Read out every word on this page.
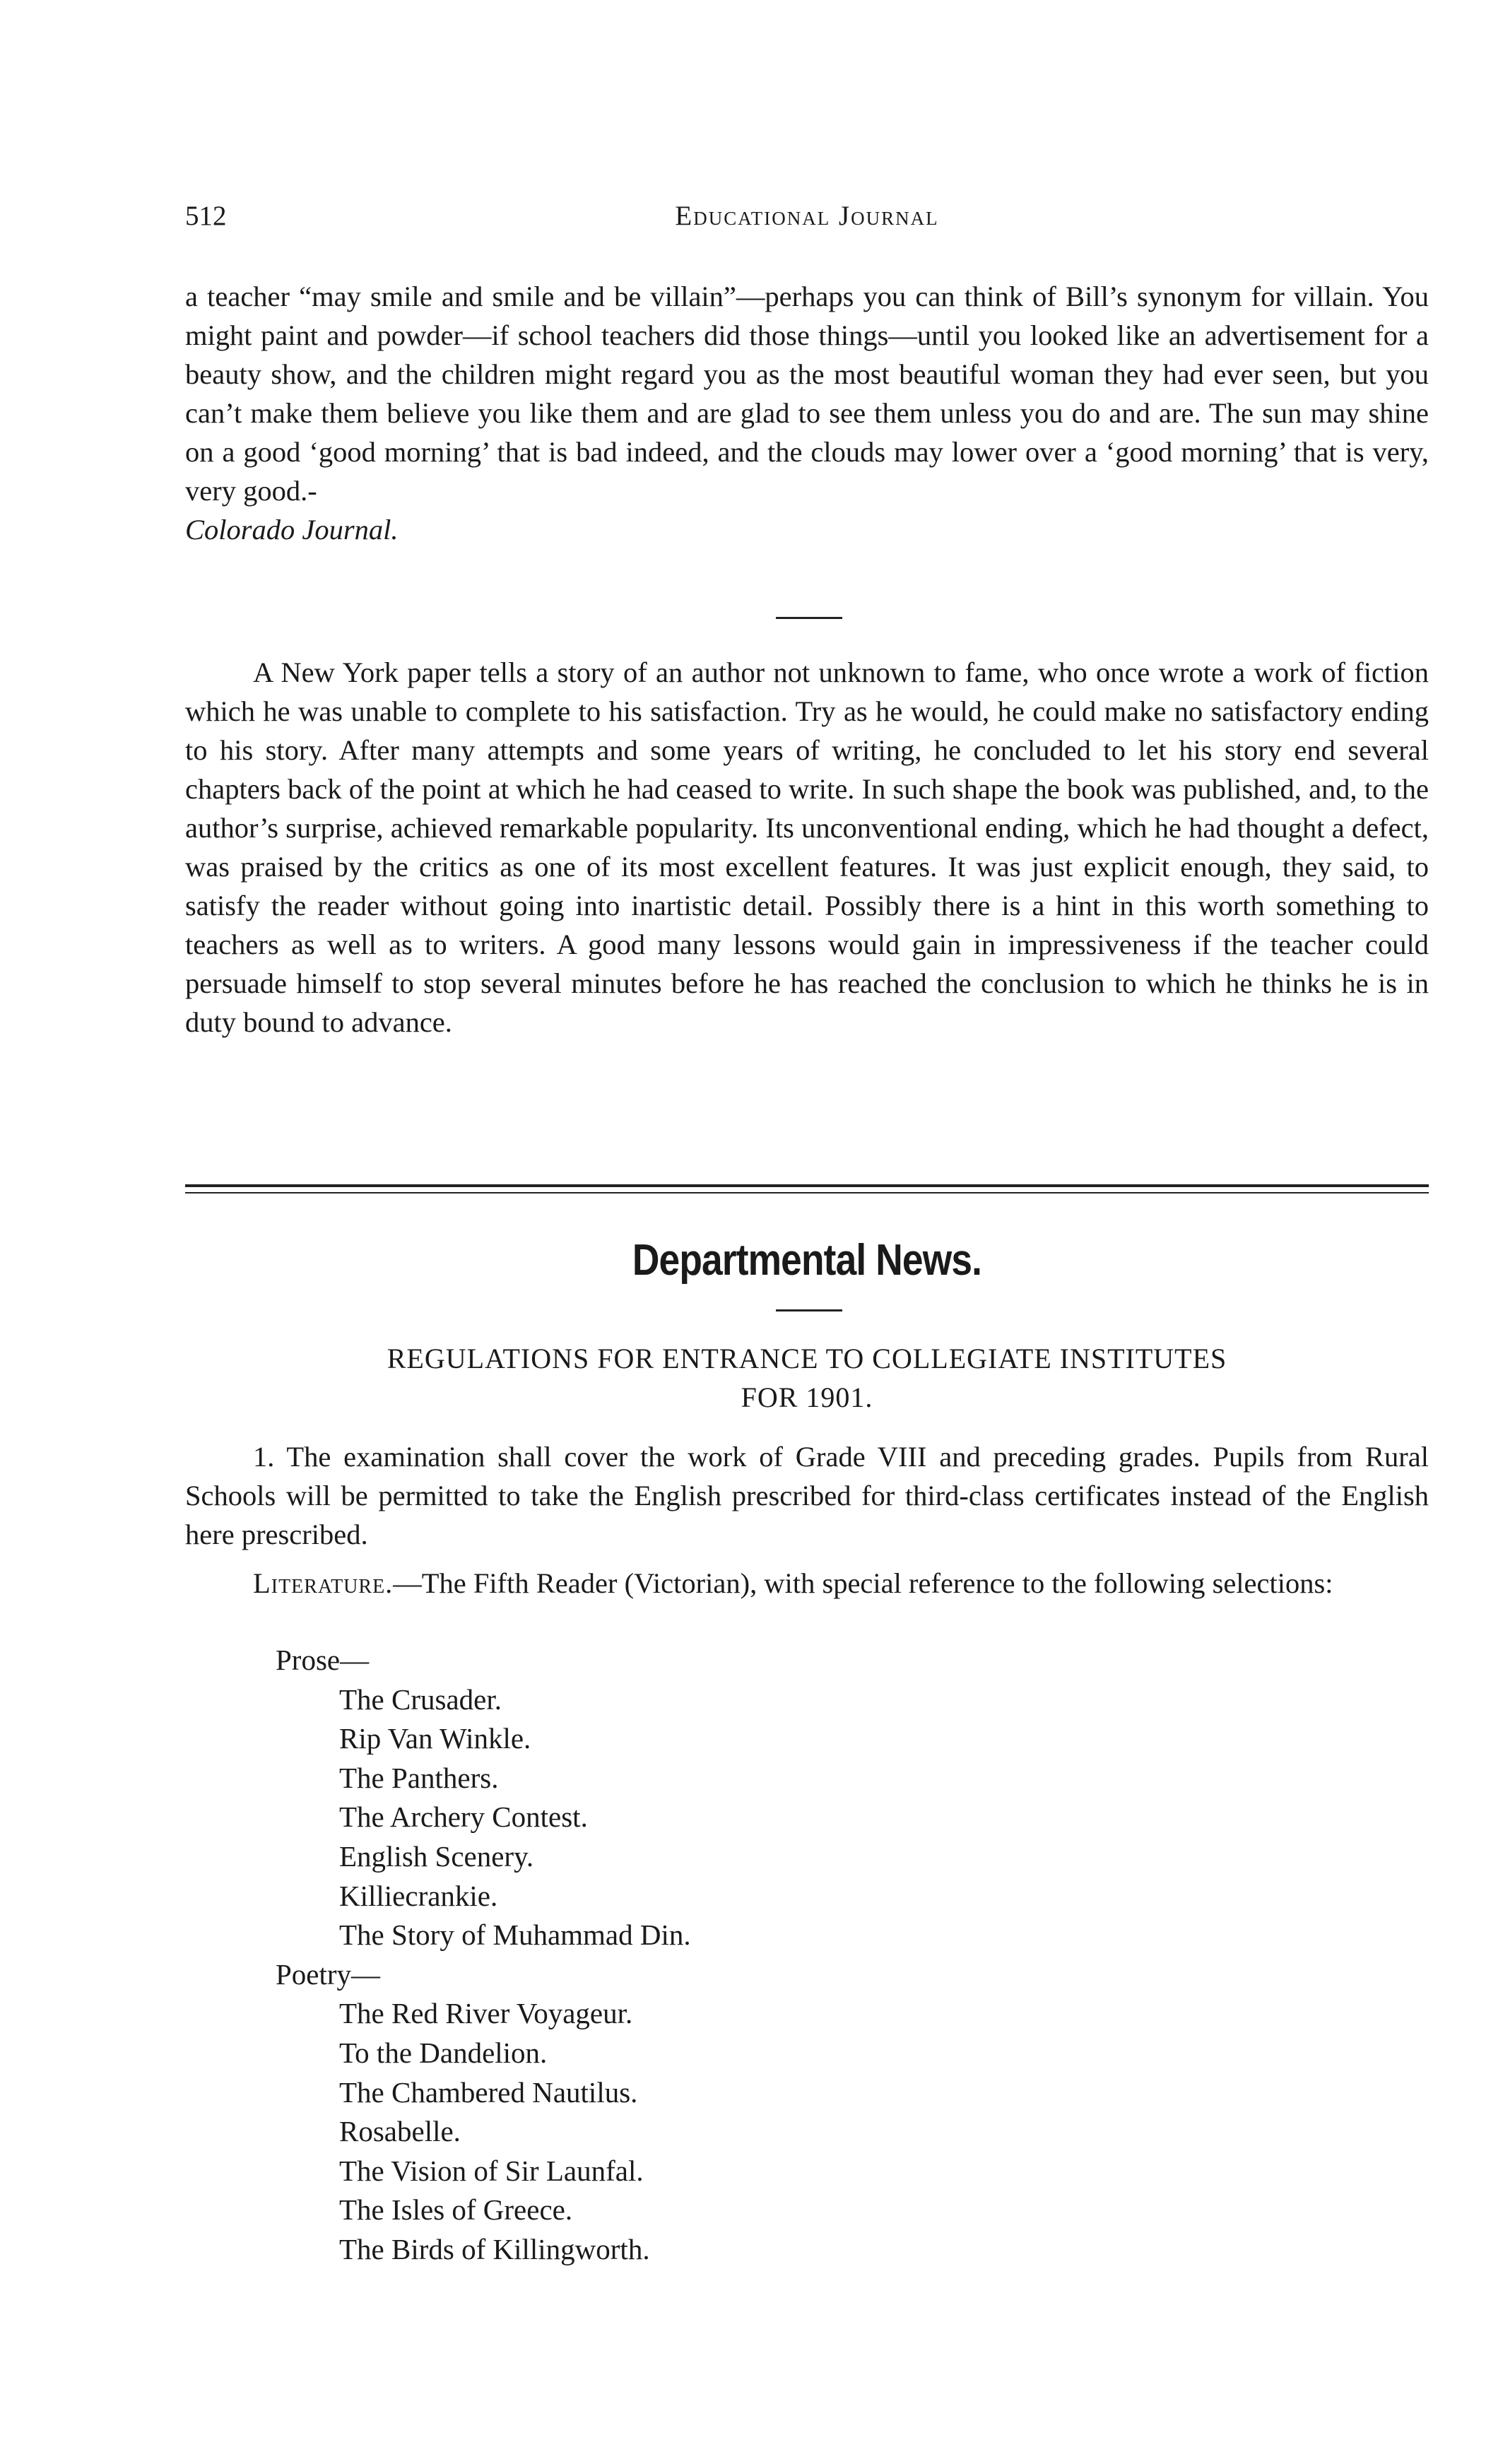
512	Educational Journal

a teacher “may smile and smile and be villain”—perhaps you can think of Bill’s synonym for villain. You might paint and powder—if school teachers did those things—until you looked like an advertisement for a beauty show, and the children might regard you as the most beautiful woman they had ever seen, but you can’t make them believe you like them and are glad to see them unless you do and are. The sun may shine on a good ‘good morning’ that is bad indeed, and the clouds may lower over a ‘good morning’ that is very, very good.-
Colorado Journal.

A New York paper tells a story of an author not unknown to fame, who once wrote a work of fiction which he was unable to complete to his satisfaction. Try as he would, he could make no satisfactory ending to his story. After many attempts and some years of writing, he concluded to let his story end several chapters back of the point at which he had ceased to write. In such shape the book was published, and, to the author’s surprise, achieved remarkable popularity. Its unconventional ending, which he had thought a defect, was praised by the critics as one of its most excellent features. It was just explicit enough, they said, to satisfy the reader without going into inartistic detail. Possibly there is a hint in this worth something to teachers as well as to writers. A good many lessons would gain in impressiveness if the teacher could persuade himself to stop several minutes before he has reached the conclusion to which he thinks he is in duty bound to advance.

Departmental News.
REGULATIONS FOR ENTRANCE TO COLLEGIATE INSTITUTES
FOR 1901.

1. The examination shall cover the work of Grade VIII and preceding grades. Pupils from Rural Schools will be permitted to take the English prescribed for third-class certificates instead of the English here prescribed.

Literature.—The Fifth Reader (Victorian), with special reference to the following selections:

Prose—
The Crusader.
Rip Van Winkle.
The Panthers.
The Archery Contest.
English Scenery.
Killiecrankie.
The Story of Muhammad Din.
Poetry—
The Red River Voyageur.
To the Dandelion.
The Chambered Nautilus.
Rosabelle.
The Vision of Sir Launfal.
The Isles of Greece.
The Birds of Killingworth.
